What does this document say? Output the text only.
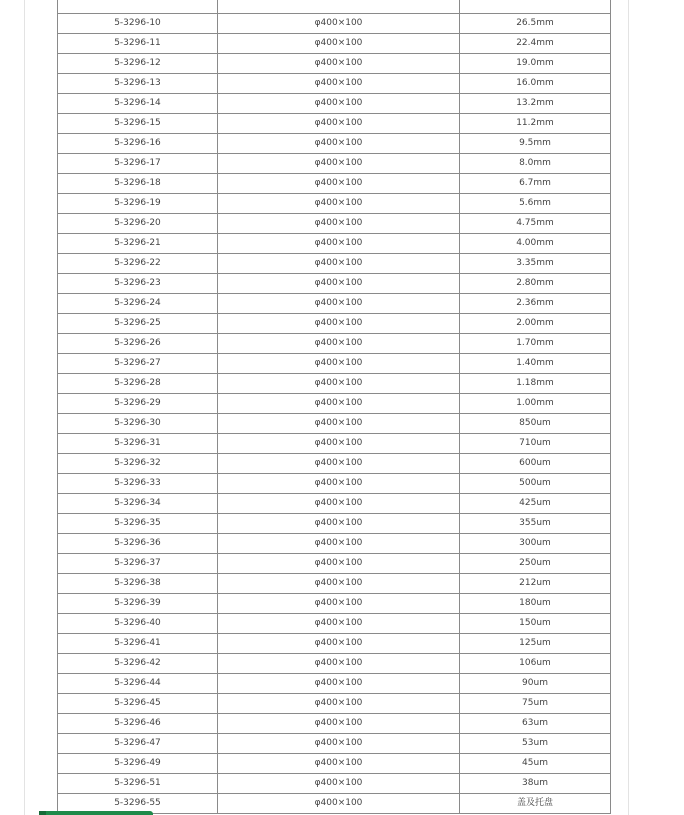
5-3296-10	φ400×100	26.5mm
5-3296-11	φ400×100	22.4mm
5-3296-12	φ400×100	19.0mm
5-3296-13	φ400×100	16.0mm
5-3296-14	φ400×100	13.2mm
5-3296-15	φ400×100	11.2mm
5-3296-16	φ400×100	9.5mm
5-3296-17	φ400×100	8.0mm
5-3296-18	φ400×100	6.7mm
5-3296-19	φ400×100	5.6mm
5-3296-20	φ400×100	4.75mm
5-3296-21	φ400×100	4.00mm
5-3296-22	φ400×100	3.35mm
5-3296-23	φ400×100	2.80mm
5-3296-24	φ400×100	2.36mm
5-3296-25	φ400×100	2.00mm
5-3296-26	φ400×100	1.70mm
5-3296-27	φ400×100	1.40mm
5-3296-28	φ400×100	1.18mm
5-3296-29	φ400×100	1.00mm
5-3296-30	φ400×100	850um
5-3296-31	φ400×100	710um
5-3296-32	φ400×100	600um
5-3296-33	φ400×100	500um
5-3296-34	φ400×100	425um
5-3296-35	φ400×100	355um
5-3296-36	φ400×100	300um
5-3296-37	φ400×100	250um
5-3296-38	φ400×100	212um
5-3296-39	φ400×100	180um
5-3296-40	φ400×100	150um
5-3296-41	φ400×100	125um
5-3296-42	φ400×100	106um
5-3296-44	φ400×100	90um
5-3296-45	φ400×100	75um
5-3296-46	φ400×100	63um
5-3296-47	φ400×100	53um
5-3296-49	φ400×100	45um
5-3296-51	φ400×100	38um
5-3296-55	φ400×100	盖及托盘
